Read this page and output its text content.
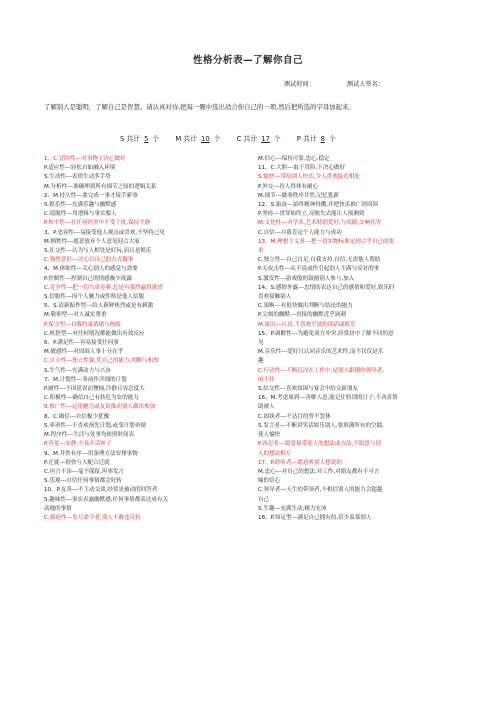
性格分析表—了解你自己
测试时间：	测试人签名：
了解别人是聪明，了解自己是智慧。请认真对待,把每一题中选出适合你自己的一项,然后把所选的字母加起来。
S 共计 5 个 M 共计 10 个 C 共计 17 个 P 共计 8 个
1、C.冒险性---对事物下决心做好
P.适应性---轻松自如融入环境
S.生动性---表情生动多手势
M.分析性---准确理到所有细节之间的逻辑关系
2、M.持久性---要完成一事才接手新事
S.娱乐性---充满乐趣与幽默感
C.说服性---用逻辑与事实服人
P.和平性---在任何冲突中不受干扰,保持平静
3、P.忠容性---易接受他人观点或喜欢,不坚持己见
M.牺牲性---愿意放弃个人意见迎合大家
S.社交性---认为与人相处是好玩,而且是娱乐
C.强烈意识---决心以自己的方式做事
4、M.体贴性---关心别人的感觉与需要
P.控制性---控制自己的情感极少流露
C.竞争性---把一切当成竞赛,总是有强烈赢得欲望
S.信服性---因个人魅力或性格是他人信服
5、S.清新振作型---给人新鲜热烈或是有刺激
M.敬仰型---对人诚实尊重
P.保守型---自我约束情绪与热情
C.机智型---对任何情况都能做出有效反应
6、P.满足性---容易接受任何事
M.敏感性---对周围人事十分在乎
C.自立性---独立性强,凭自己的能力,判断与机智
S.生气性---充满动力与兴奋
7、M.计划性---事前作详细的计划
P.耐性---不因延误而懊恼,冷静且容忍度大
C.积极性---确信自己有转危为安的能力
S.推广性---运用魅力或友谊推动别人做出参加
8、C.确信---自信极少犹豫
S.率率性---不喜欢预先计划,或受计划牵制
M.程序性---生活与处事均依照时间表
P.害羞---安静,不易开话匣子
9、M.井然有序---用条理方法安排事物
P.迁就---很快与人配合迁就
C.坦言不讳---毫不保留,坦率发言
S.乐观---自信任何事情都会好转
10、P.友善---不主动交谈,经常是被动的回答者
S.趣味性---事实表露幽默感,任何事情都表达成有关
动地的事情
C.强迫性---发号命令者,别人不敢违反抗
M.信心---保持可靠,忠心,稳定
11、C.大胆---取于冒险,下决心做好
S.愉快---带给别人快乐,令人喜欢接近相处
P.外交---待人得体有耐心
M.细节---做事秩序井然,记忆犹新
12、S.振奋---始终精神抖擞,并把快乐推广到周围
P.坚持---贯穿始终立,反映失去能让人预测到
M.文化性---对学术,艺术特别爱好,与攻剧,交响乐等
C.自信---自我肯定个人能力与成功
13、M.理想主义者---把一切实物标准定到合乎自己的要
求
C.独立性---自己自足,自我支持,自信,无需他人帮助
P.无攻击性---从不说或作引起别人不满与反对的事
S.激发性---游戏般的鼓励别人参与,加入
14、S.感情外露---忠情的表达自己的感情和爱好,娱乐时
喜欢接触别人
C.果断---有很快做出判断与结论的能力
P.尖刻的幽默---直接的幽默近乎讽刺
M.深沉---认真,不喜欢平淡的谈话或娱乐
15、P.调解性---为避免双方冲突,经常居中了解不同的意
见
M.音乐性---爱好且认同音乐的艺术性,而不仅仅是乐
趣
C.行动性---不断沉浸在工作中,是别人跟随的领导者,
闲不住
S.结交性---喜欢周围与宴会中结交新朋友
16、M.考虑周到---善解人意,能记住特别的日子,不吝啬帮
助被人
C.固执者---不达目的誓不罢休
S.发言者---不断讲笑话娱乐别人,要填满所有的空隙,
使人愉快
P.容忍者---愿意接受别人的想法或方法,不愿意与别
人的想法相左
17、P.聆听者---愿意听别人想说的
M.忠心---对自己的想法,对工作,对朋友都有不可言
喻的信心
C.领导者---天生的带领者,不相信别人的能力会超越
自己
S.生趣---充满生动,精力充沛
18、P.知足型---满足自己拥有的,甚少羡慕别人
